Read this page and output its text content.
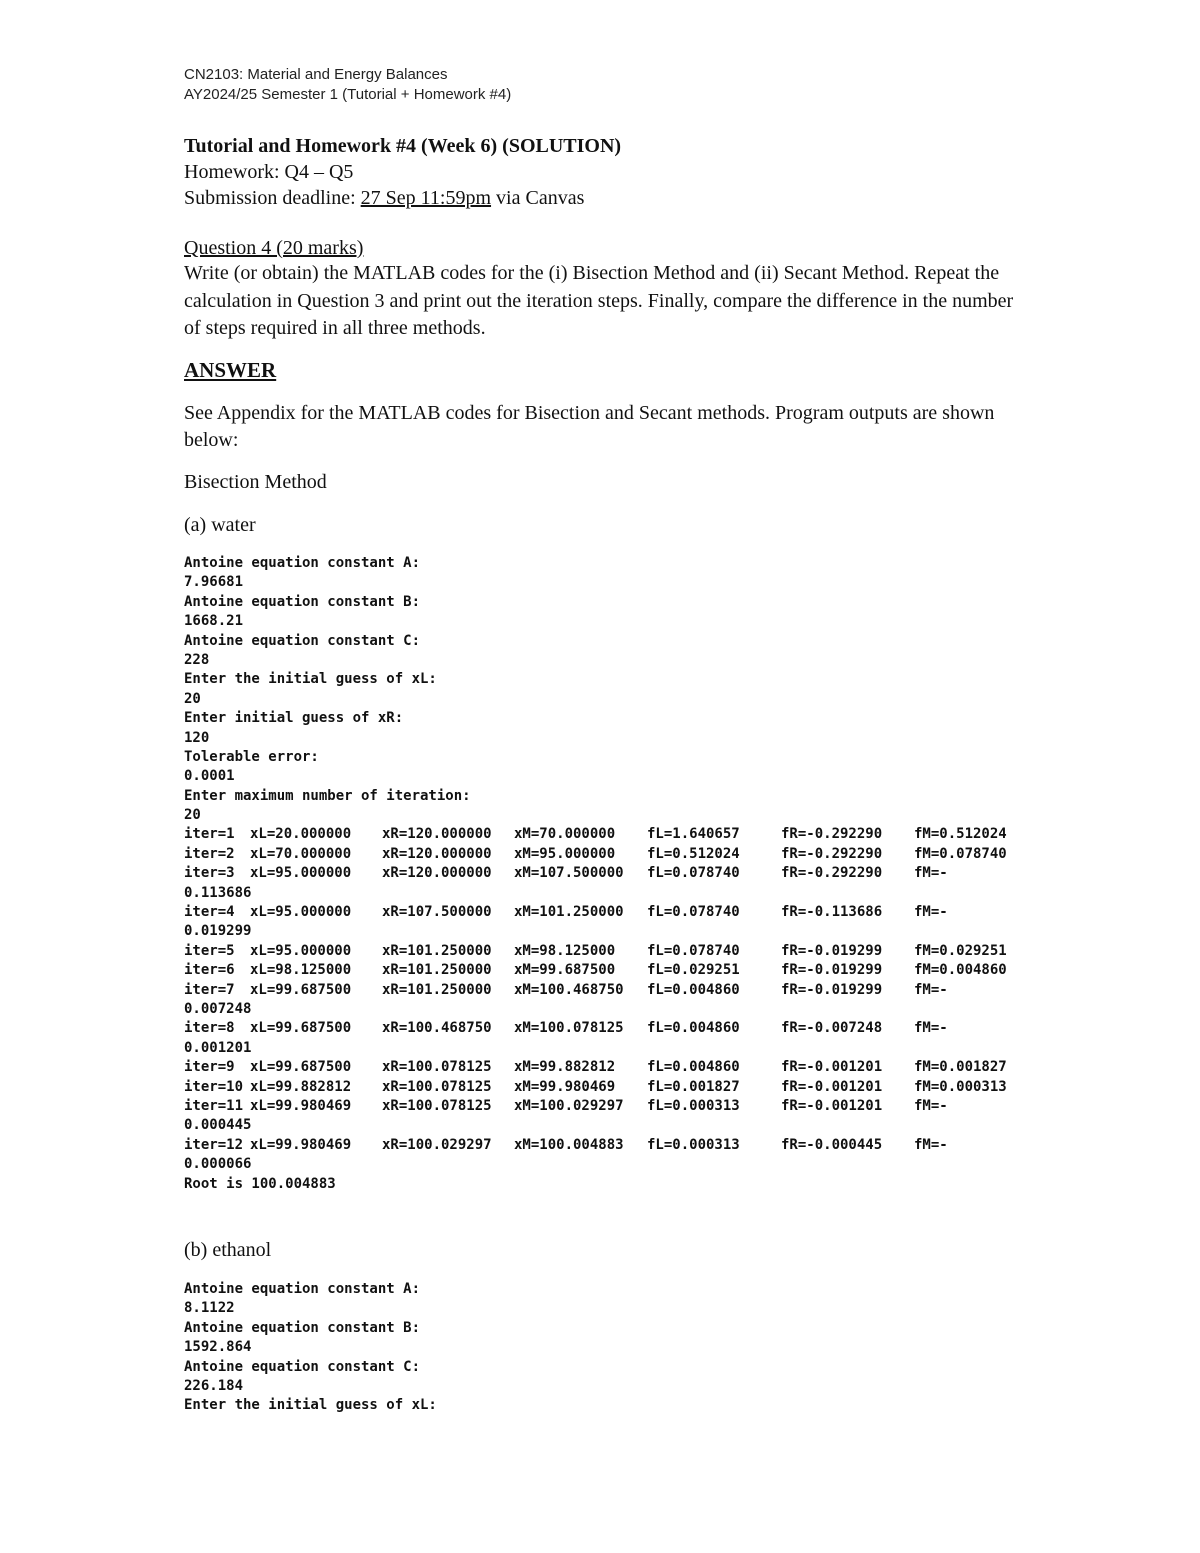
CN2103: Material and Energy Balances
AY2024/25 Semester 1 (Tutorial + Homework #4)
Tutorial and Homework #4 (Week 6) (SOLUTION)
Homework: Q4 – Q5
Submission deadline: 27 Sep 11:59pm via Canvas
Question 4 (20 marks)
Write (or obtain) the MATLAB codes for the (i) Bisection Method and (ii) Secant Method. Repeat the calculation in Question 3 and print out the iteration steps. Finally, compare the difference in the number of steps required in all three methods.
ANSWER
See Appendix for the MATLAB codes for Bisection and Secant methods. Program outputs are shown below:
Bisection Method
(a) water
Antoine equation constant A:
7.96681
Antoine equation constant B:
1668.21
Antoine equation constant C:
228
Enter the initial guess of xL:
20
Enter initial guess of xR:
120
Tolerable error:
0.0001
Enter maximum number of iteration:
20
iter=1	xL=20.000000	xR=120.000000	xM=70.000000	fL=1.640657	fR=-0.292290	fM=0.512024
iter=2	xL=70.000000	xR=120.000000	xM=95.000000	fL=0.512024	fR=-0.292290	fM=0.078740
iter=3	xL=95.000000	xR=120.000000	xM=107.500000	fL=0.078740	fR=-0.292290	fM=-
0.113686
iter=4	xL=95.000000	xR=107.500000	xM=101.250000	fL=0.078740	fR=-0.113686	fM=-
0.019299
iter=5	xL=95.000000	xR=101.250000	xM=98.125000	fL=0.078740	fR=-0.019299	fM=0.029251
iter=6	xL=98.125000	xR=101.250000	xM=99.687500	fL=0.029251	fR=-0.019299	fM=0.004860
iter=7	xL=99.687500	xR=101.250000	xM=100.468750	fL=0.004860	fR=-0.019299	fM=-
0.007248
iter=8	xL=99.687500	xR=100.468750	xM=100.078125	fL=0.004860	fR=-0.007248	fM=-
0.001201
iter=9	xL=99.687500	xR=100.078125	xM=99.882812	fL=0.004860	fR=-0.001201	fM=0.001827
iter=10 xL=99.882812	xR=100.078125	xM=99.980469	fL=0.001827	fR=-0.001201	fM=0.000313
iter=11 xL=99.980469	xR=100.078125	xM=100.029297	fL=0.000313	fR=-0.001201	fM=-
0.000445
iter=12 xL=99.980469	xR=100.029297	xM=100.004883	fL=0.000313	fR=-0.000445	fM=-
0.000066
Root is 100.004883
(b) ethanol
Antoine equation constant A:
8.1122
Antoine equation constant B:
1592.864
Antoine equation constant C:
226.184
Enter the initial guess of xL:
